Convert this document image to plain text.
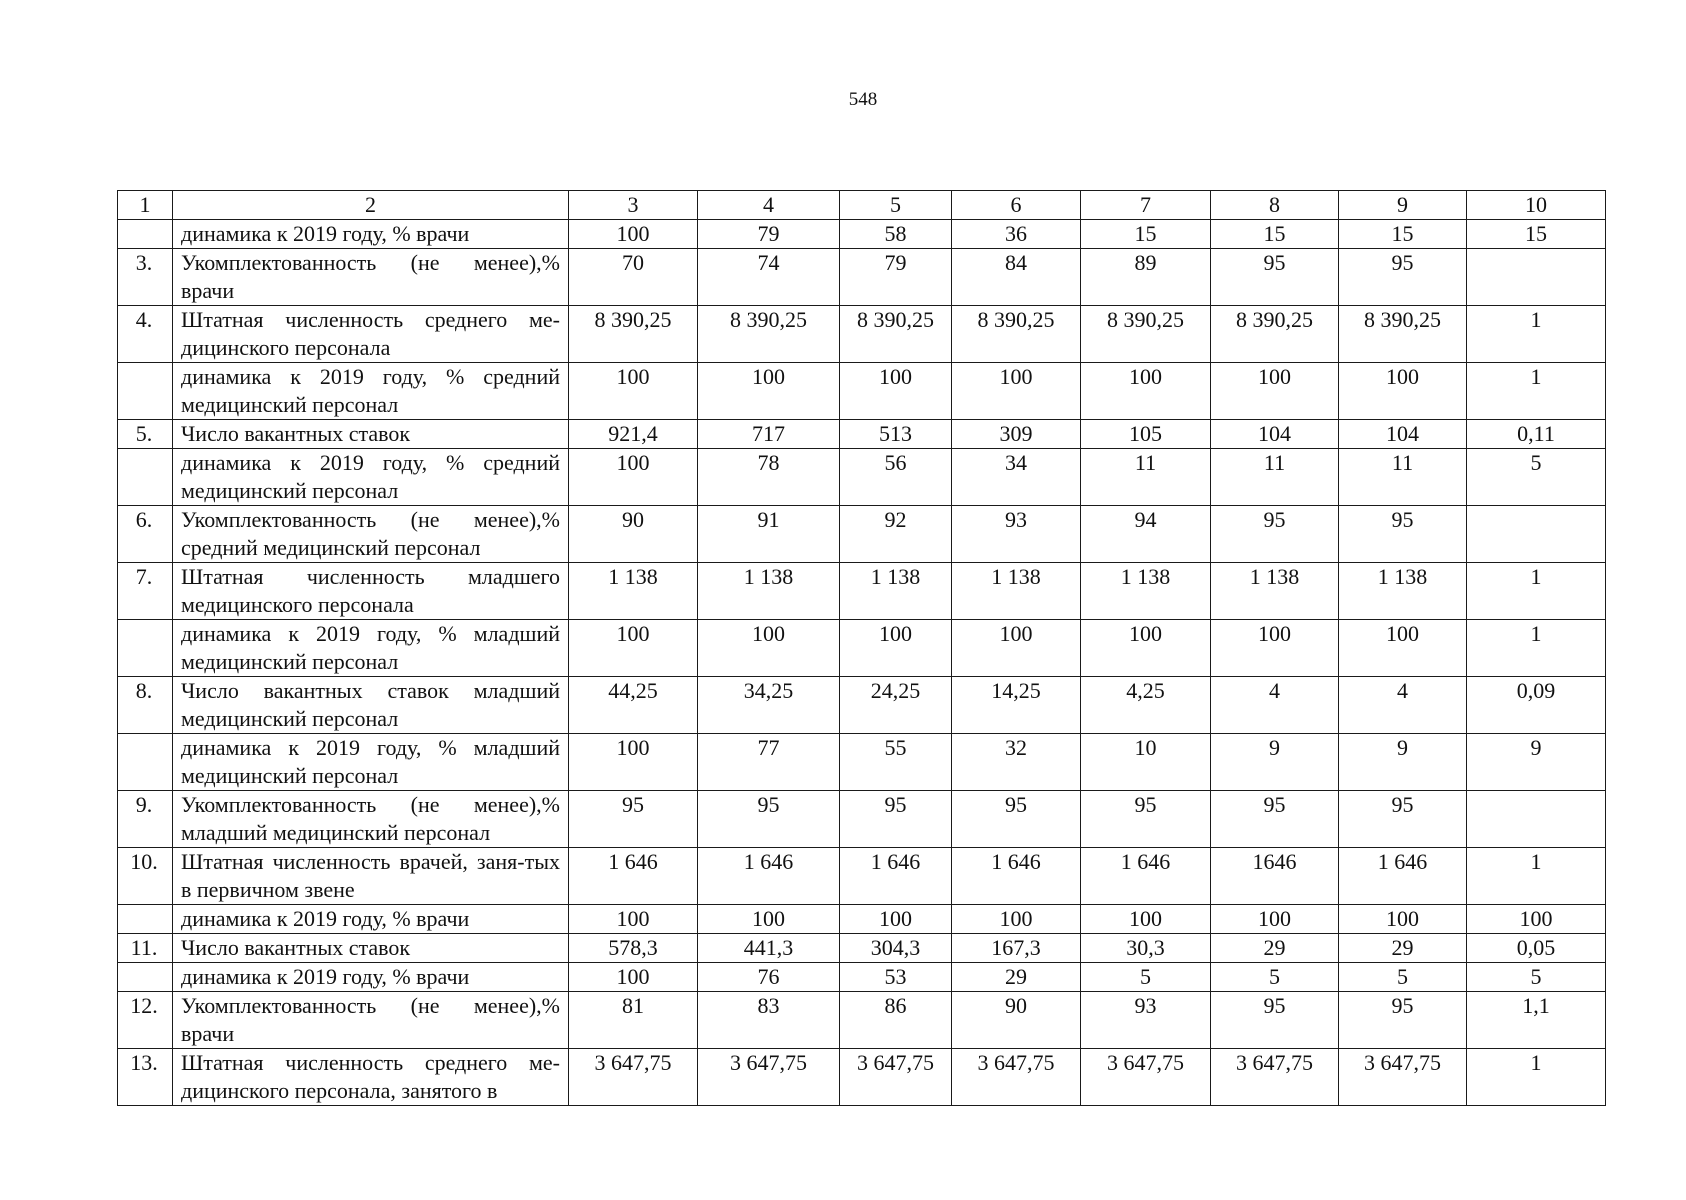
548
1	2	3	4	5	6	7	8	9	10
	динамика к 2019 году, % врачи	100	79	58	36	15	15	15	15
3.	Укомплектованность (не менее),% врачи	70	74	79	84	89	95	95	
4.	Штатная численность среднего ме-дицинского персонала	8 390,25	8 390,25	8 390,25	8 390,25	8 390,25	8 390,25	8 390,25	1
	динамика к 2019 году, % средний медицинский персонал	100	100	100	100	100	100	100	1
5.	Число вакантных ставок	921,4	717	513	309	105	104	104	0,11
	динамика к 2019 году, % средний медицинский персонал	100	78	56	34	11	11	11	5
6.	Укомплектованность (не менее),% средний медицинский персонал	90	91	92	93	94	95	95	
7.	Штатная численность младшего медицинского персонала	1 138	1 138	1 138	1 138	1 138	1 138	1 138	1
	динамика к 2019 году, % младший медицинский персонал	100	100	100	100	100	100	100	1
8.	Число вакантных ставок младший медицинский персонал	44,25	34,25	24,25	14,25	4,25	4	4	0,09
	динамика к 2019 году, % младший медицинский персонал	100	77	55	32	10	9	9	9
9.	Укомплектованность (не менее),% младший медицинский персонал	95	95	95	95	95	95	95	
10.	Штатная численность врачей, заня-тых в первичном звене	1 646	1 646	1 646	1 646	1 646	1646	1 646	1
	динамика к 2019 году, % врачи	100	100	100	100	100	100	100	100
11.	Число вакантных ставок	578,3	441,3	304,3	167,3	30,3	29	29	0,05
	динамика к 2019 году, % врачи	100	76	53	29	5	5	5	5
12.	Укомплектованность (не менее),% врачи	81	83	86	90	93	95	95	1,1
13.	Штатная численность среднего ме-дицинского персонала, занятого в	3 647,75	3 647,75	3 647,75	3 647,75	3 647,75	3 647,75	3 647,75	1
